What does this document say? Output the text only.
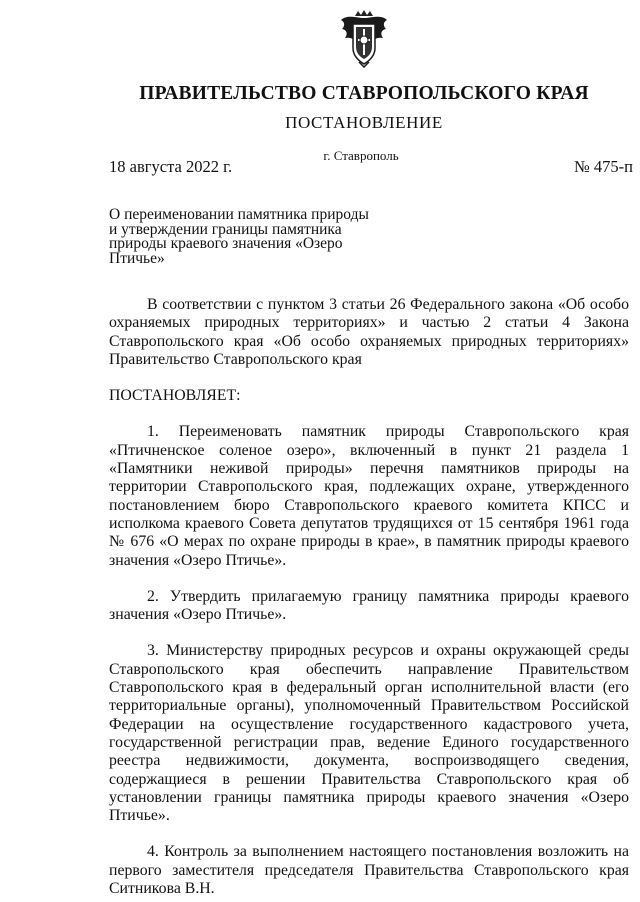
ПРАВИТЕЛЬСТВО СТАВРОПОЛЬСКОГО КРАЯ
ПОСТАНОВЛЕНИЕ
г. Ставрополь
18 августа 2022 г.	№ 475-п
О переименовании памятника природы и утверждении границы памятника природы краевого значения «Озеро Птичье»

В соответствии с пунктом 3 статьи 26 Федерального закона «Об особо охраняемых природных территориях» и частью 2 статьи 4 Закона Ставропольского края «Об особо охраняемых природных территориях» Правительство Ставропольского края

ПОСТАНОВЛЯЕТ:

1. Переименовать памятник природы Ставропольского края «Птичненское соленое озеро», включенный в пункт 21 раздела 1 «Памятники неживой природы» перечня памятников природы на территории Ставропольского края, подлежащих охране, утвержденного постановлением бюро Ставропольского краевого комитета КПСС и исполкома краевого Совета депутатов трудящихся от 15 сентября 1961 года № 676 «О мерах по охране природы в крае», в памятник природы краевого значения «Озеро Птичье».

2. Утвердить прилагаемую границу памятника природы краевого значения «Озеро Птичье».

3. Министерству природных ресурсов и охраны окружающей среды Ставропольского края обеспечить направление Правительством Ставропольского края в федеральный орган исполнительной власти (его территориальные органы), уполномоченный Правительством Российской Федерации на осуществление государственного кадастрового учета, государственной регистрации прав, ведение Единого государственного реестра недвижимости, документа, воспроизводящего сведения, содержащиеся в решении Правительства Ставропольского края об установлении границы памятника природы краевого значения «Озеро Птичье».

4. Контроль за выполнением настоящего постановления возложить на первого заместителя председателя Правительства Ставропольского края Ситникова В.Н.
